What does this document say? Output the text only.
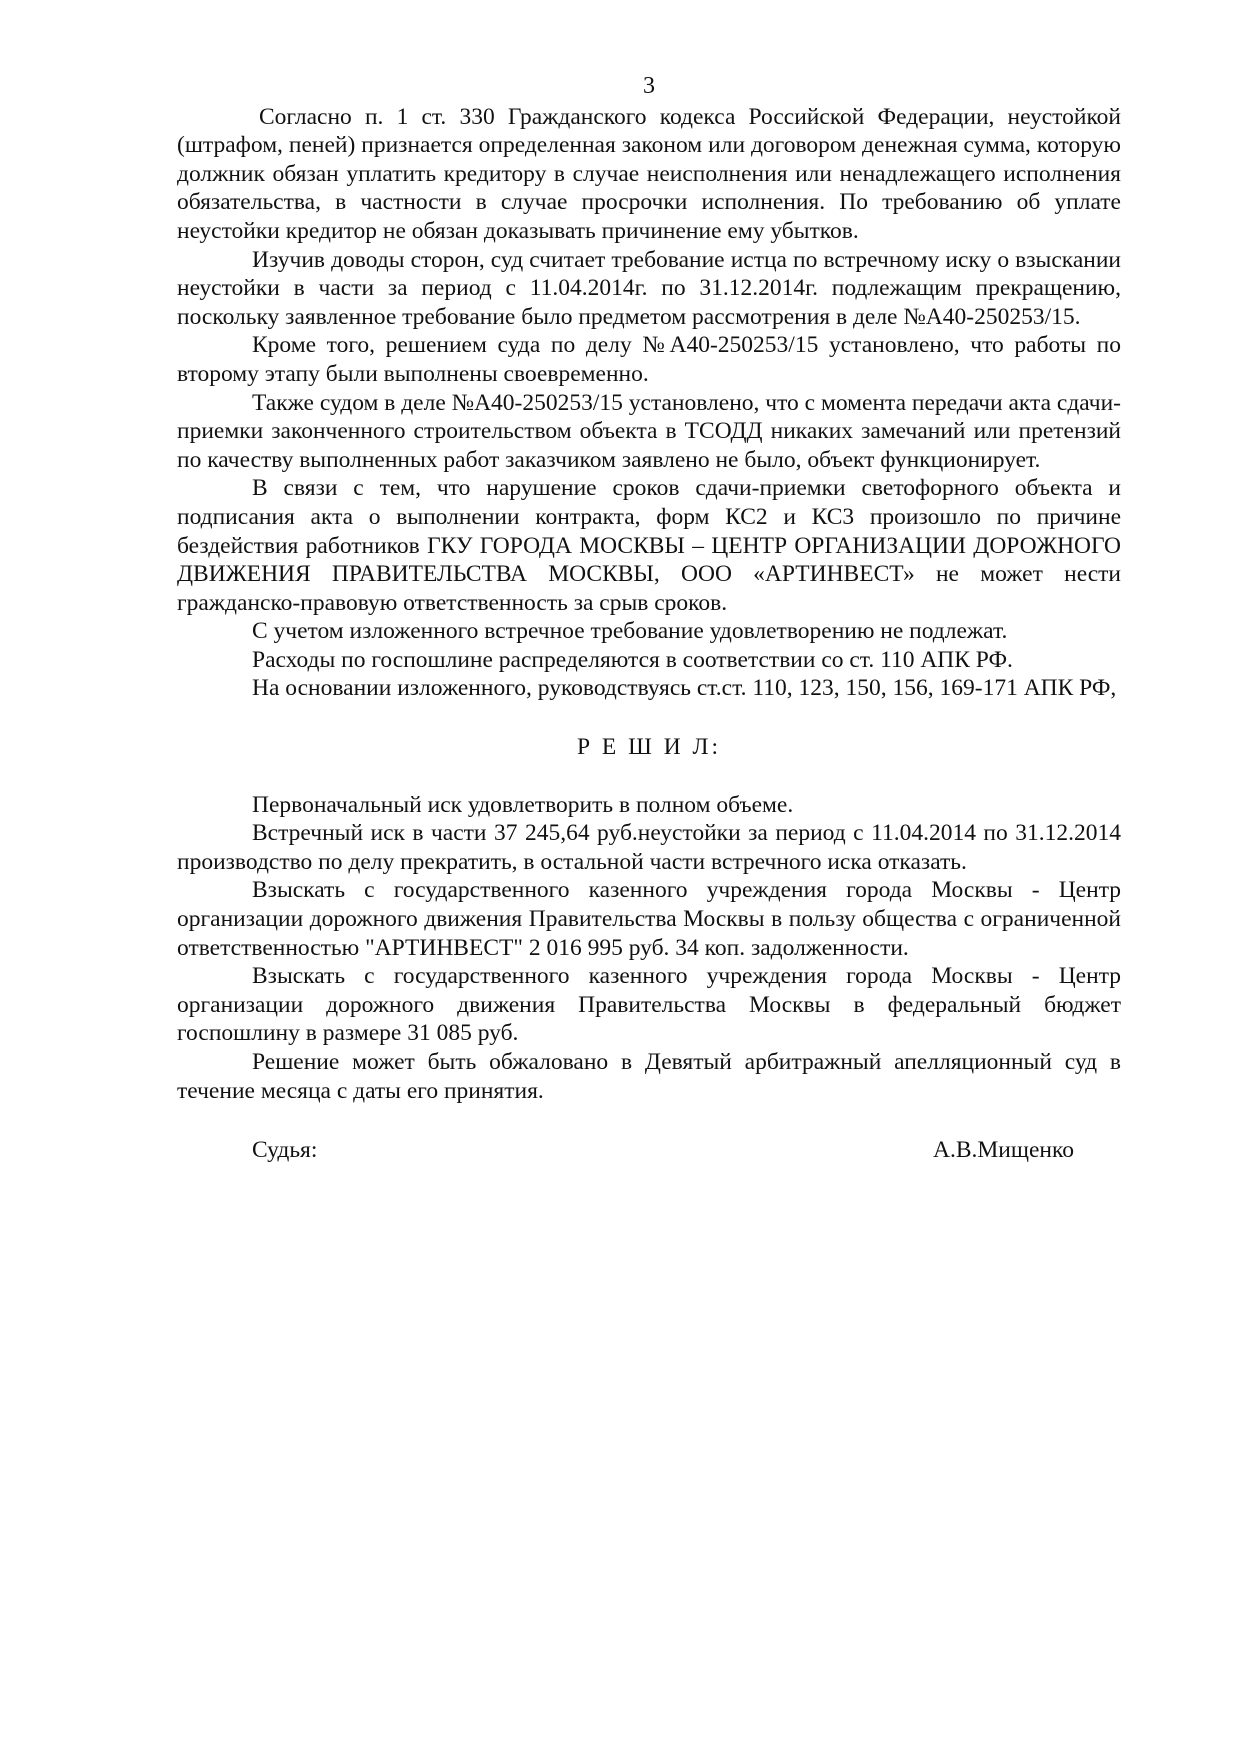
3

Согласно п. 1 ст. 330 Гражданского кодекса Российской Федерации, неустойкой (штрафом, пеней) признается определенная законом или договором денежная сумма, которую должник обязан уплатить кредитору в случае неисполнения или ненадлежащего исполнения обязательства, в частности в случае просрочки исполнения. По требованию об уплате неустойки кредитор не обязан доказывать причинение ему убытков.

Изучив доводы сторон, суд считает требование истца по встречному иску о взыскании неустойки в части за период с 11.04.2014г. по 31.12.2014г. подлежащим прекращению, поскольку заявленное требование было предметом рассмотрения в деле №А40-250253/15.

Кроме того, решением суда по делу №А40-250253/15 установлено, что работы по второму этапу были выполнены своевременно.

Также судом в деле №А40-250253/15 установлено, что с момента передачи акта сдачи-приемки законченного строительством объекта в ТСОДД никаких замечаний или претензий по качеству выполненных работ заказчиком заявлено не было, объект функционирует.

В связи с тем, что нарушение сроков сдачи-приемки светофорного объекта и подписания акта о выполнении контракта, форм КС2 и КС3 произошло по причине бездействия работников ГКУ ГОРОДА МОСКВЫ – ЦЕНТР ОРГАНИЗАЦИИ ДОРОЖНОГО ДВИЖЕНИЯ ПРАВИТЕЛЬСТВА МОСКВЫ, ООО «АРТИНВЕСТ» не может нести гражданско-правовую ответственность за срыв сроков.

С учетом изложенного встречное требование удовлетворению не подлежат.

Расходы по госпошлине распределяются в соответствии со ст. 110 АПК РФ.

На основании изложенного, руководствуясь ст.ст. 110, 123, 150, 156, 169-171 АПК РФ,

Р Е Ш И Л:

Первоначальный иск удовлетворить в полном объеме.

Встречный иск в части 37 245,64 руб.неустойки за период с 11.04.2014 по 31.12.2014 производство по делу прекратить, в остальной части встречного иска отказать.

Взыскать с государственного казенного учреждения города Москвы - Центр организации дорожного движения Правительства Москвы в пользу общества с ограниченной ответственностью "АРТИНВЕСТ" 2 016 995 руб. 34 коп. задолженности.

Взыскать с государственного казенного учреждения города Москвы - Центр организации дорожного движения Правительства Москвы в федеральный бюджет госпошлину в размере 31 085 руб.

Решение может быть обжаловано в Девятый арбитражный апелляционный суд в течение месяца с даты его принятия.

Судья:	А.В.Мищенко
